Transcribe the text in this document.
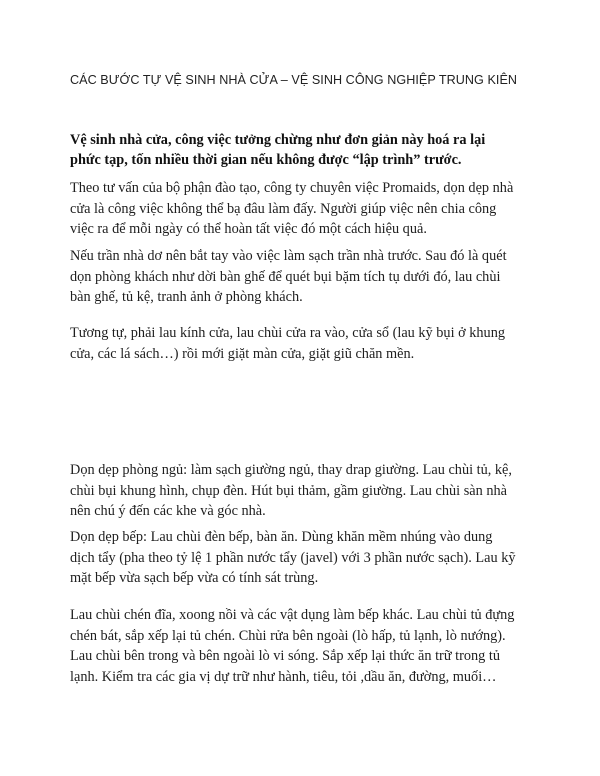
CÁC BƯỚC TỰ VỆ SINH NHÀ CỬA – VỆ SINH CÔNG NGHIỆP TRUNG KIÊN
Vệ sinh nhà cửa, công việc tưởng chừng như đơn giản này hoá ra lại
phức tạp, tốn nhiều thời gian nếu không được “lập trình” trước.
Theo tư vấn của bộ phận đào tạo, công ty chuyên việc Promaids, dọn dẹp nhà
cửa là công việc không thể bạ đâu làm đấy. Người giúp việc nên chia công
việc ra để mỗi ngày có thể hoàn tất việc đó một cách hiệu quả.
Nếu trần nhà dơ nên bắt tay vào việc làm sạch trần nhà trước. Sau đó là quét
dọn phòng khách như dời bàn ghế để quét bụi bặm tích tụ dưới đó, lau chùi
bàn ghế, tủ kệ, tranh ảnh ở phòng khách.
Tương tự, phải lau kính cửa, lau chùi cửa ra vào, cửa sổ (lau kỹ bụi ở khung
cửa, các lá sách…) rồi mới giặt màn cửa, giặt giũ chăn mền.
Dọn dẹp phòng ngủ: làm sạch giường ngủ, thay drap giường. Lau chùi tủ, kệ,
chùi bụi khung hình, chụp đèn. Hút bụi thảm, gầm giường. Lau chùi sàn nhà
nên chú ý đến các khe và góc nhà.
Dọn dẹp bếp: Lau chùi đèn bếp, bàn ăn. Dùng khăn mềm nhúng vào dung
dịch tẩy (pha theo tỷ lệ 1 phần nước tẩy (javel) với 3 phần nước sạch). Lau kỹ
mặt bếp vừa sạch bếp vừa có tính sát trùng.
Lau chùi chén đĩa, xoong nồi và các vật dụng làm bếp khác. Lau chùi tủ đựng
chén bát, sắp xếp lại tủ chén. Chùi rửa bên ngoài (lò hấp, tủ lạnh, lò nướng).
Lau chùi bên trong và bên ngoài lò vi sóng. Sắp xếp lại thức ăn trữ trong tủ
lạnh. Kiểm tra các gia vị dự trữ như hành, tiêu, tỏi ,dầu ăn, đường, muối…
